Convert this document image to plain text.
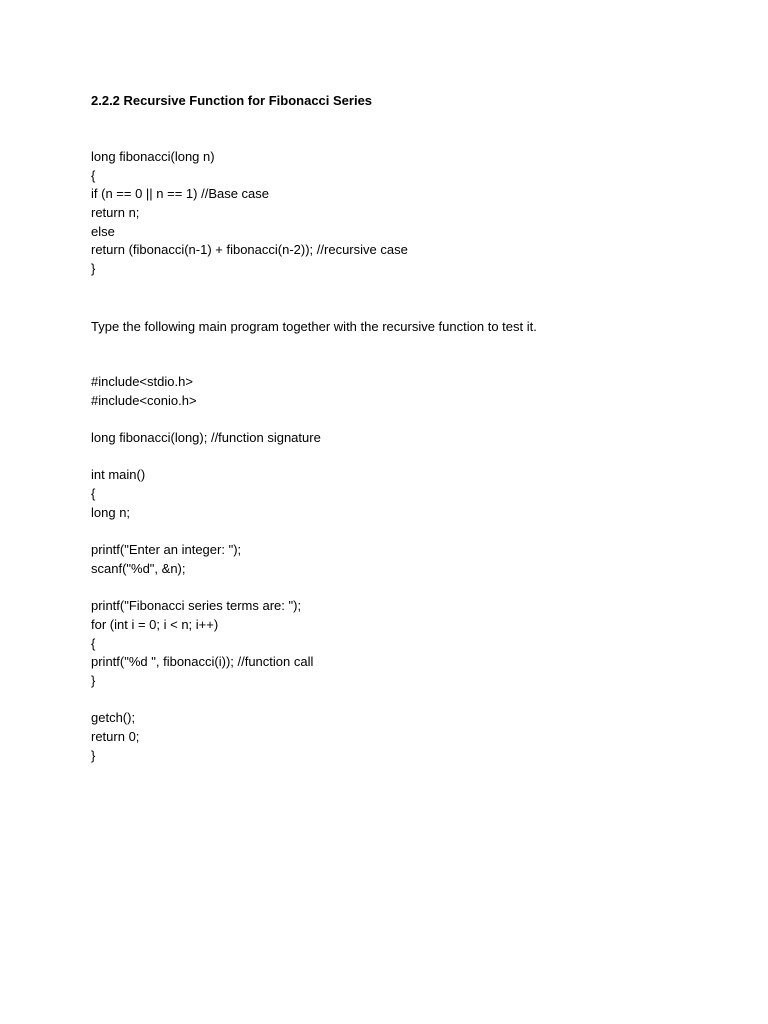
2.2.2 Recursive Function for Fibonacci Series
long fibonacci(long n)
{
if (n == 0 || n == 1) //Base case
return n;
else
return (fibonacci(n-1) + fibonacci(n-2)); //recursive case
}
Type the following main program together with the recursive function to test it.
#include<stdio.h>
#include<conio.h>
long fibonacci(long); //function signature
int main()
{
long n;
printf("Enter an integer: ");
scanf("%d", &n);
printf("Fibonacci series terms are: ");
for (int i = 0; i < n; i++)
{
printf("%d ", fibonacci(i)); //function call
}
getch();
return 0;
}
